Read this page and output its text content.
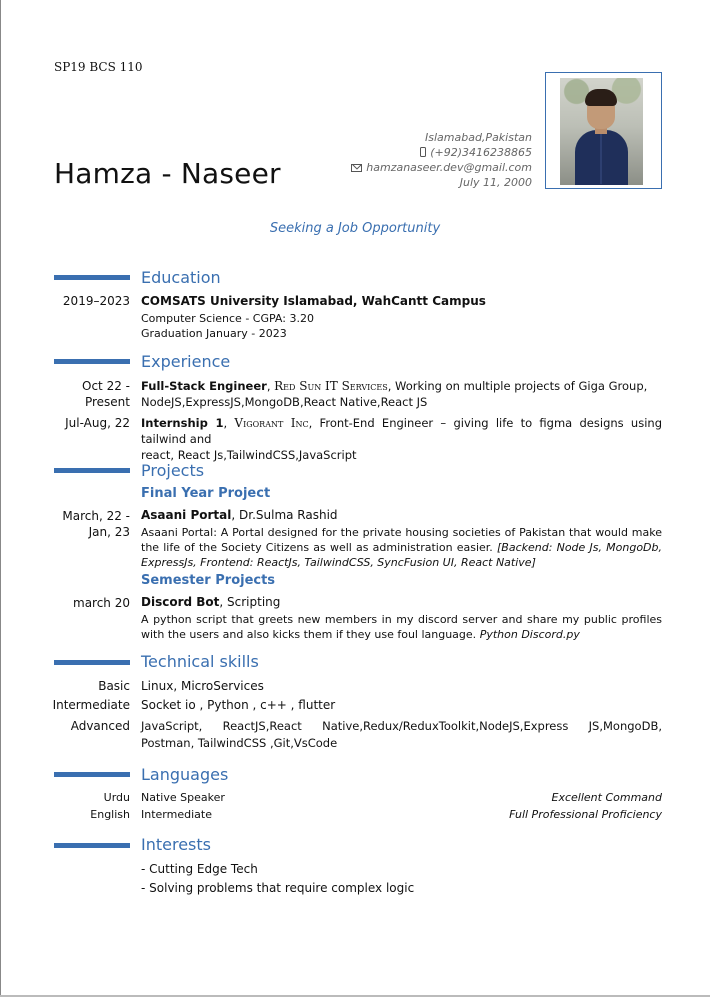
SP19 BCS 110
Hamza - Naseer
Islamabad,Pakistan
(+92)3416238865
hamzanaseer.dev@gmail.com
July 11, 2000
Seeking a Job Opportunity
Education
2019–2023 COMSATS University Islamabad, WahCantt Campus
Computer Science - CGPA: 3.20
Graduation January - 2023
Experience
Oct 22 -
Present
Full-Stack Engineer, Red Sun IT Services, Working on multiple projects of Giga Group,
NodeJS,ExpressJS,MongoDB,React Native,React JS
Jul-Aug, 22 Internship 1, Vigorant Inc, Front-End Engineer – giving life to figma designs using tailwind and
react, React Js,TailwindCSS,JavaScript
Projects
Final Year Project
March, 22 -
Jan, 23
Asaani Portal, Dr.Sulma Rashid
Asaani Portal: A Portal designed for the private housing societies of Pakistan that would make the life of the Society Citizens as well as administration easier. [Backend: Node Js, MongoDb, ExpressJs, Frontend: ReactJs, TailwindCSS, SyncFusion UI, React Native]
Semester Projects
march 20 Discord Bot, Scripting
A python script that greets new members in my discord server and share my public profiles with the users and also kicks them if they use foul language. Python Discord.py
Technical skills
Basic Linux, MicroServices
Intermediate Socket io , Python , c++ , flutter
Advanced JavaScript, ReactJS,React Native,Redux/ReduxToolkit,NodeJS,Express JS,MongoDB, Postman, TailwindCSS ,Git,VsCode
Languages
Urdu Native Speaker	Excellent Command
English Intermediate	Full Professional Proficiency
Interests
- Cutting Edge Tech
- Solving problems that require complex logic
